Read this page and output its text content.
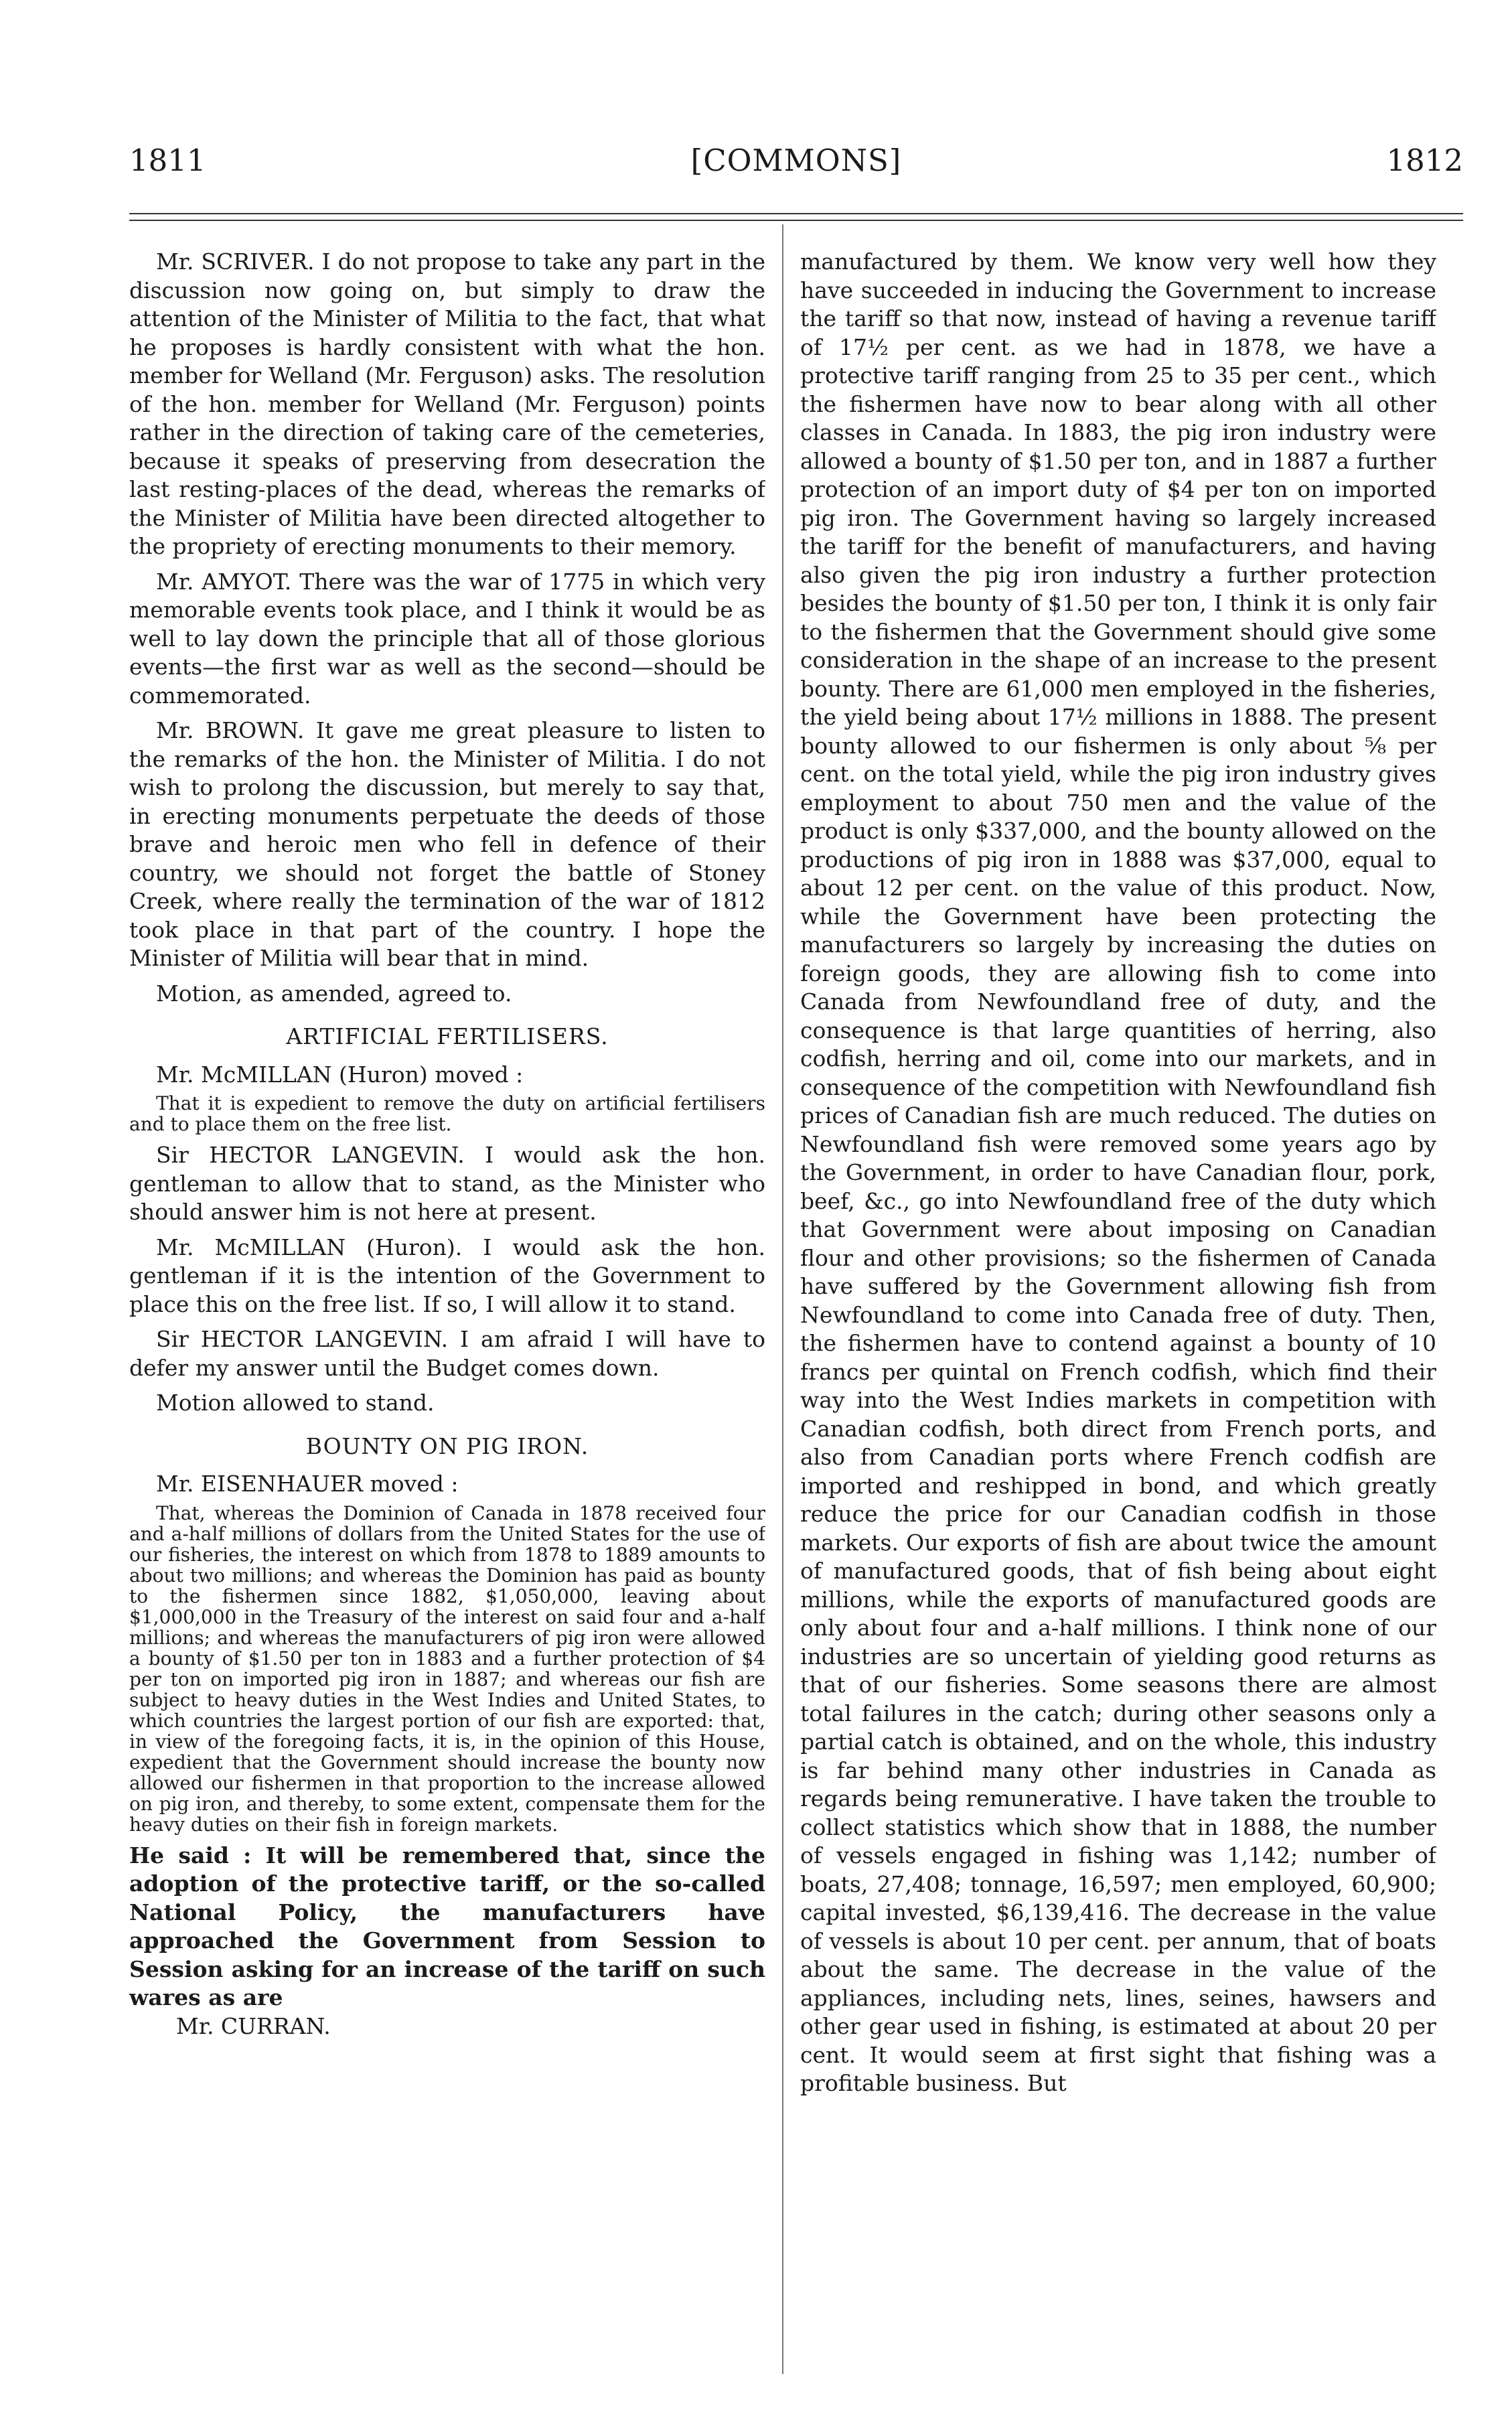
1811	[COMMONS]	1812

Mr. SCRIVER. I do not propose to take any part in the discussion now going on, but simply to draw the attention of the Minister of Militia to the fact, that what he proposes is hardly consistent with what the hon. member for Welland (Mr. Ferguson) asks. The resolution of the hon. member for Welland (Mr. Ferguson) points rather in the direction of taking care of the cemeteries, because it speaks of preserving from desecration the last resting-places of the dead, whereas the remarks of the Minister of Militia have been directed altogether to the propriety of erecting monuments to their memory.

Mr. AMYOT. There was the war of 1775 in which very memorable events took place, and I think it would be as well to lay down the principle that all of those glorious events—the first war as well as the second—should be commemorated.

Mr. BROWN. It gave me great pleasure to listen to the remarks of the hon. the Minister of Militia. I do not wish to prolong the discussion, but merely to say that, in erecting monuments perpetuate the deeds of those brave and heroic men who fell in defence of their country, we should not forget the battle of Stoney Creek, where really the termination of the war of 1812 took place in that part of the country. I hope the Minister of Militia will bear that in mind.

Motion, as amended, agreed to.

ARTIFICIAL FERTILISERS.

Mr. McMILLAN (Huron) moved :

That it is expedient to remove the duty on artificial fertilisers and to place them on the free list.

Sir HECTOR LANGEVIN. I would ask the hon. gentleman to allow that to stand, as the Minister who should answer him is not here at present.

Mr. McMILLAN (Huron). I would ask the hon. gentleman if it is the intention of the Government to place this on the free list. If so, I will allow it to stand.

Sir HECTOR LANGEVIN. I am afraid I will have to defer my answer until the Budget comes down.

Motion allowed to stand.

BOUNTY ON PIG IRON.

Mr. EISENHAUER moved :

That, whereas the Dominion of Canada in 1878 received four and a-half millions of dollars from the United States for the use of our fisheries, the interest on which from 1878 to 1889 amounts to about two millions; and whereas the Dominion has paid as bounty to the fishermen since 1882, $1,050,000, leaving about $1,000,000 in the Treasury of the interest on said four and a-half millions; and whereas the manufacturers of pig iron were allowed a bounty of $1.50 per ton in 1883 and a further protection of $4 per ton on imported pig iron in 1887; and whereas our fish are subject to heavy duties in the West Indies and United States, to which countries the largest portion of our fish are exported: that, in view of the foregoing facts, it is, in the opinion of this House, expedient that the Government should increase the bounty now allowed our fishermen in that proportion to the increase allowed on pig iron, and thereby, to some extent, compensate them for the heavy duties on their fish in foreign markets.

He said : It will be remembered that, since the adoption of the protective tariff, or the so-called National Policy, the manufacturers have approached the Government from Session to Session asking for an increase of the tariff on such wares as are

Mr. CURRAN.

manufactured by them. We know very well how they have succeeded in inducing the Government to increase the tariff so that now, instead of having a revenue tariff of 17½ per cent. as we had in 1878, we have a protective tariff ranging from 25 to 35 per cent., which the fishermen have now to bear along with all other classes in Canada. In 1883, the pig iron industry were allowed a bounty of $1.50 per ton, and in 1887 a further protection of an import duty of $4 per ton on imported pig iron. The Government having so largely increased the tariff for the benefit of manufacturers, and having also given the pig iron industry a further protection besides the bounty of $1.50 per ton, I think it is only fair to the fishermen that the Government should give some consideration in the shape of an increase to the present bounty. There are 61,000 men employed in the fisheries, the yield being about 17½ millions in 1888. The present bounty allowed to our fishermen is only about ⅝ per cent. on the total yield, while the pig iron industry gives employment to about 750 men and the value of the product is only $337,000, and the bounty allowed on the productions of pig iron in 1888 was $37,000, equal to about 12 per cent. on the value of this product. Now, while the Government have been protecting the manufacturers so largely by increasing the duties on foreign goods, they are allowing fish to come into Canada from Newfoundland free of duty, and the consequence is that large quantities of herring, also codfish, herring and oil, come into our markets, and in consequence of the competition with Newfoundland fish prices of Canadian fish are much reduced. The duties on Newfoundland fish were removed some years ago by the Government, in order to have Canadian flour, pork, beef, &c., go into Newfoundland free of the duty which that Government were about imposing on Canadian flour and other provisions; so the fishermen of Canada have suffered by the Government allowing fish from Newfoundland to come into Canada free of duty. Then, the fishermen have to contend against a bounty of 10 francs per quintal on French codfish, which find their way into the West Indies markets in competition with Canadian codfish, both direct from French ports, and also from Canadian ports where French codfish are imported and reshipped in bond, and which greatly reduce the price for our Canadian codfish in those markets. Our exports of fish are about twice the amount of manufactured goods, that of fish being about eight millions, while the exports of manufactured goods are only about four and a-half millions. I think none of our industries are so uncertain of yielding good returns as that of our fisheries. Some seasons there are almost total failures in the catch; during other seasons only a partial catch is obtained, and on the whole, this industry is far behind many other industries in Canada as regards being remunerative. I have taken the trouble to collect statistics which show that in 1888, the number of vessels engaged in fishing was 1,142; number of boats, 27,408; tonnage, 16,597; men employed, 60,900; capital invested, $6,139,416. The decrease in the value of vessels is about 10 per cent. per annum, that of boats about the same. The decrease in the value of the appliances, including nets, lines, seines, hawsers and other gear used in fishing, is estimated at about 20 per cent. It would seem at first sight that fishing was a profitable business. But
